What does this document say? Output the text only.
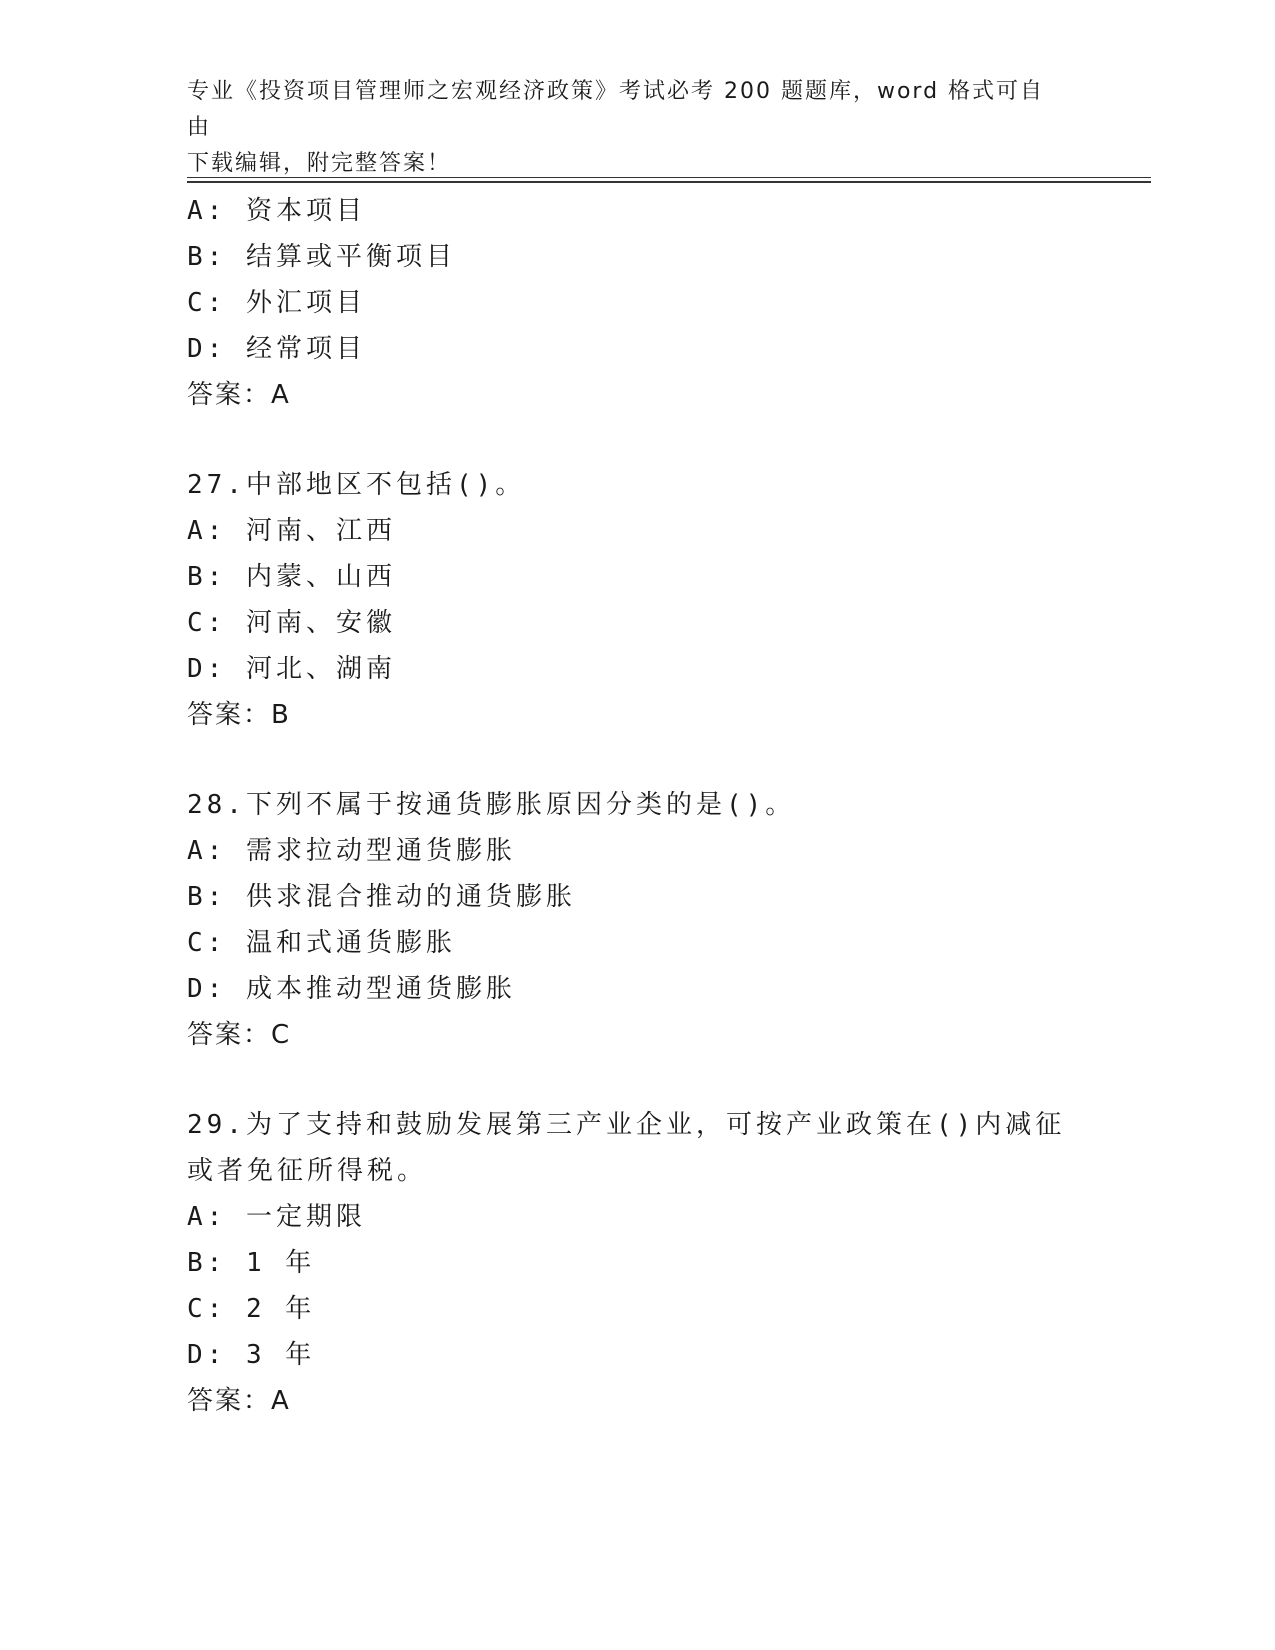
专业《投资项目管理师之宏观经济政策》考试必考 200 题题库，word 格式可自由
下载编辑，附完整答案！
A: 资本项目
B: 结算或平衡项目
C: 外汇项目
D: 经常项目
答案：A
27.中部地区不包括()。
A: 河南、江西
B: 内蒙、山西
C: 河南、安徽
D: 河北、湖南
答案：B
28.下列不属于按通货膨胀原因分类的是()。
A: 需求拉动型通货膨胀
B: 供求混合推动的通货膨胀
C: 温和式通货膨胀
D: 成本推动型通货膨胀
答案：C
29.为了支持和鼓励发展第三产业企业，可按产业政策在()内减征或者免征所得税。
A: 一定期限
B: 1 年
C: 2 年
D: 3 年
答案：A
